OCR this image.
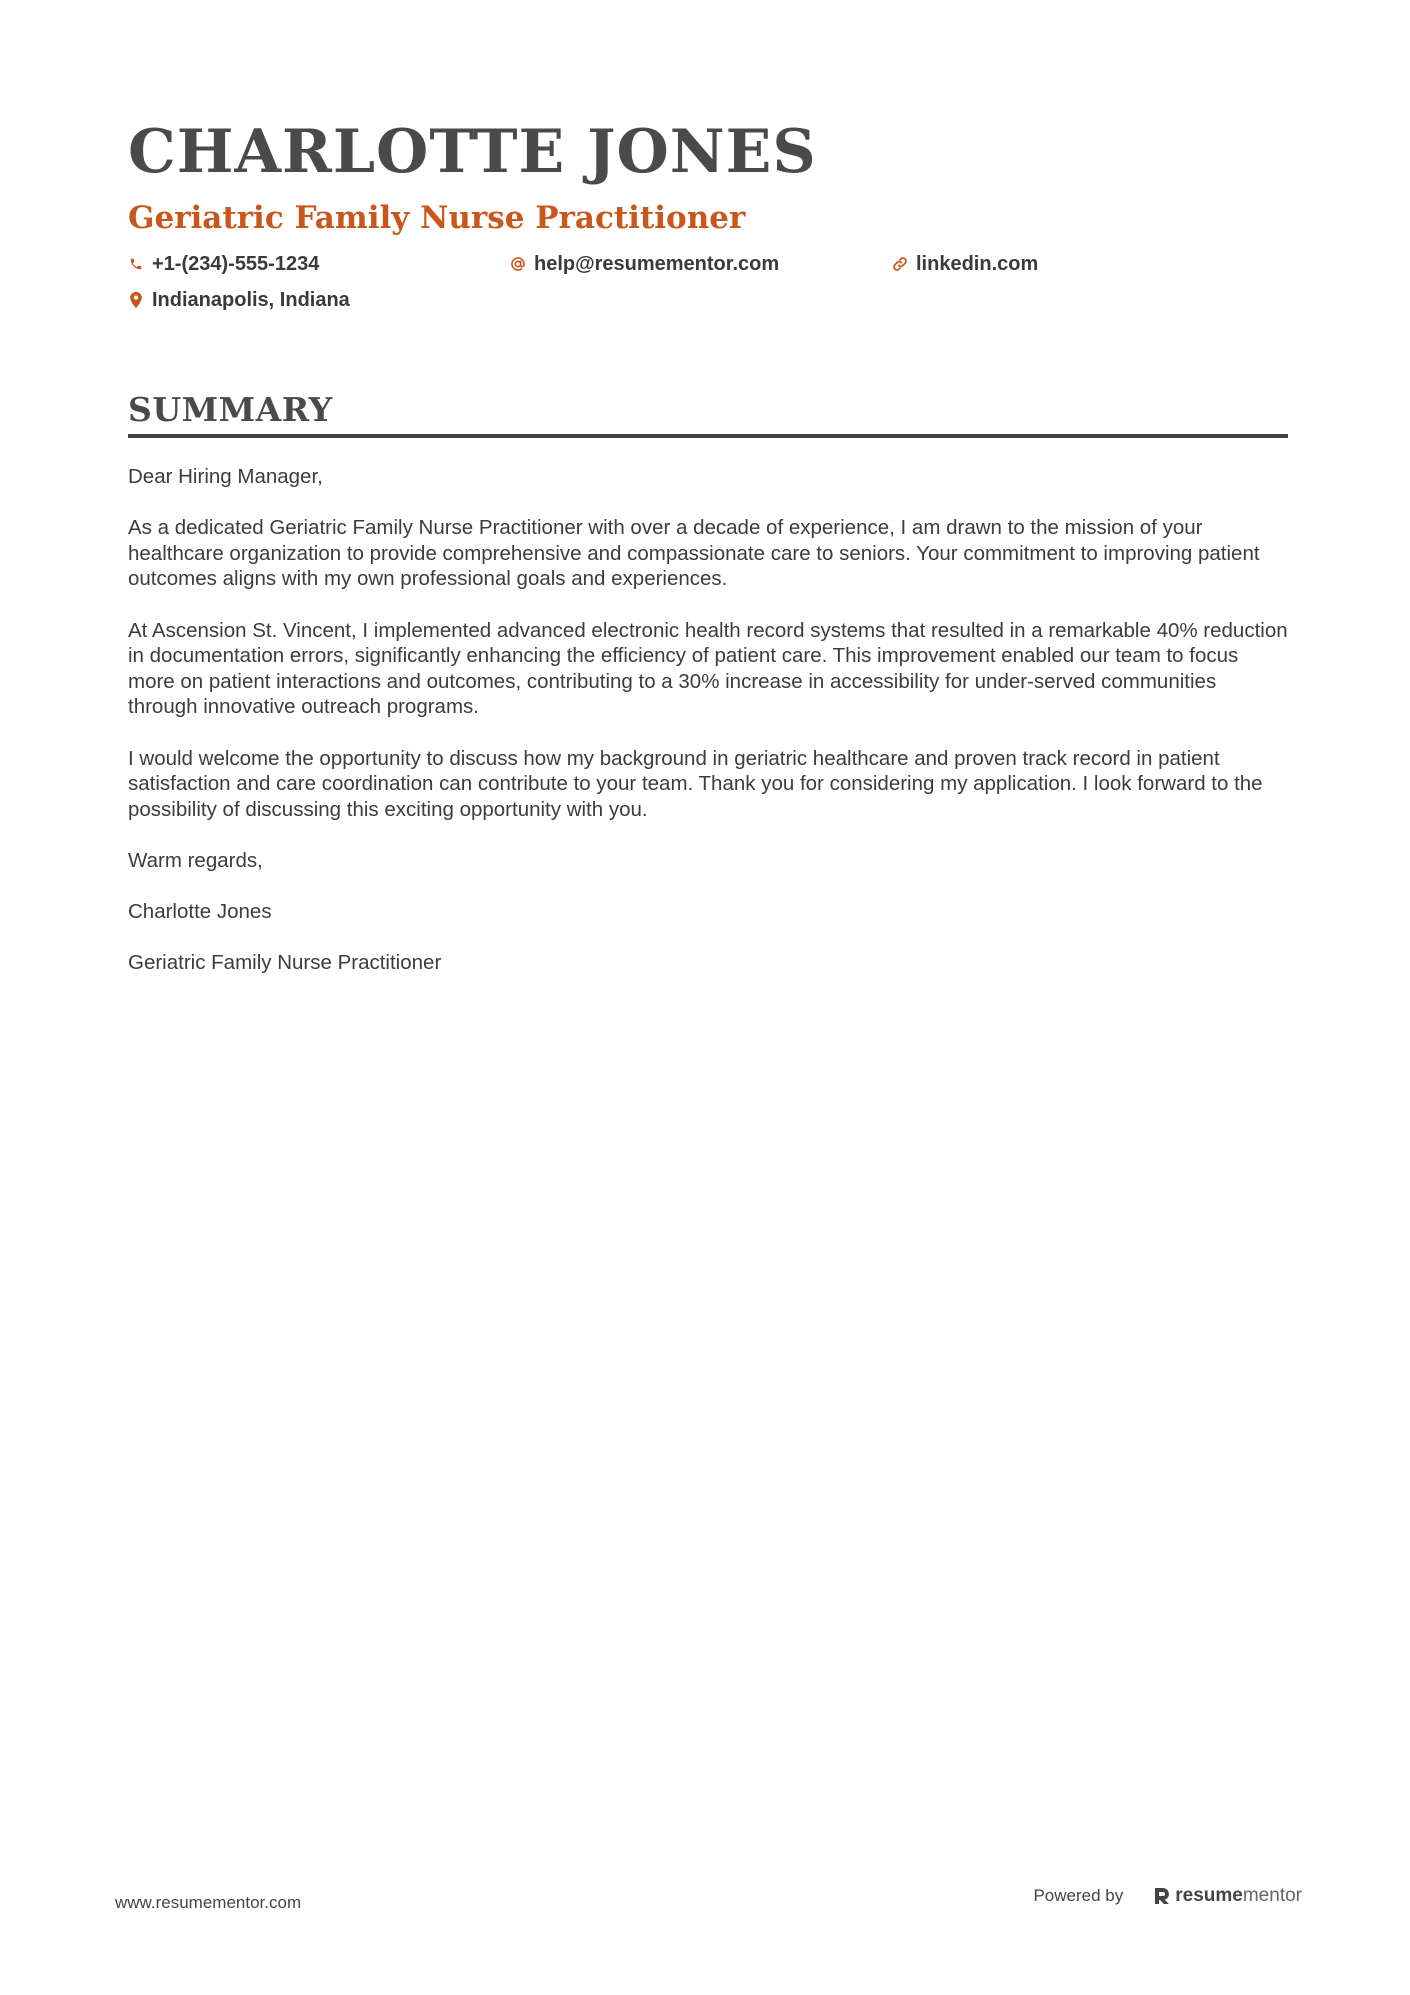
CHARLOTTE JONES
Geriatric Family Nurse Practitioner
+1-(234)-555-1234	help@resumementor.com	linkedin.com
Indianapolis, Indiana
SUMMARY

Dear Hiring Manager,

As a dedicated Geriatric Family Nurse Practitioner with over a decade of experience, I am drawn to the mission of your healthcare organization to provide comprehensive and compassionate care to seniors. Your commitment to improving patient outcomes aligns with my own professional goals and experiences.

At Ascension St. Vincent, I implemented advanced electronic health record systems that resulted in a remarkable 40% reduction in documentation errors, significantly enhancing the efficiency of patient care. This improvement enabled our team to focus more on patient interactions and outcomes, contributing to a 30% increase in accessibility for under-served communities through innovative outreach programs.

I would welcome the opportunity to discuss how my background in geriatric healthcare and proven track record in patient satisfaction and care coordination can contribute to your team. Thank you for considering my application. I look forward to the possibility of discussing this exciting opportunity with you.

Warm regards,

Charlotte Jones

Geriatric Family Nurse Practitioner

www.resumementor.com	Powered by	resume mentor
